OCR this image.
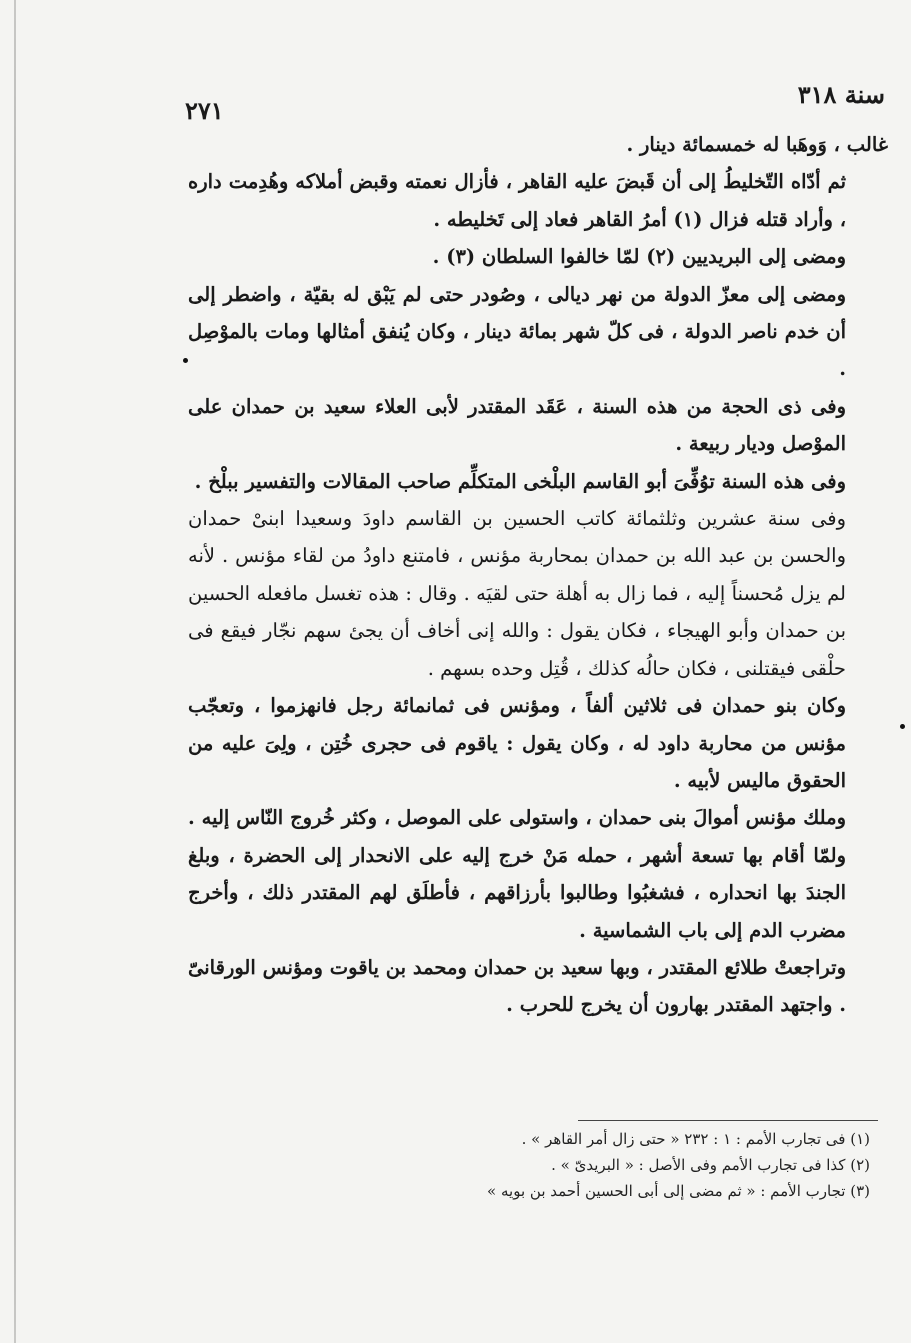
٢٧١
سنة ٣١٨

غالب ، وَوهَبا له خمسمائة دينار .

ثم أدّاه التّخليطُ إلى أن قَبضَ عليه القاهر ، فأزال نعمته وقبض أملاكه وهُدِمت داره ، وأراد قتله فزال (١) أمرُ القاهر فعاد إلى تَخليطه .

ومضى إلى البريديين (٢) لمّا خالفوا السلطان (٣) .

ومضى إلى معزّ الدولة من نهر ديالى ، وصُودر حتى لم يَبْق له بقيّة ، واضطر إلى أن خدم ناصر الدولة ، فى كلّ شهر بمائة دينار ، وكان يُنفق أمثالها ومات بالموْصِل .

وفى ذى الحجة من هذه السنة ، عَقَد المقتدر لأبى العلاء سعيد بن حمدان على الموْصل وديار ربيعة .

وفى هذه السنة توُفِّىَ أبو القاسم البلْخى المتكلِّم صاحب المقالات والتفسير ببلْخ .

وفى سنة عشرين وثلثمائة كاتب الحسين بن القاسم داودَ وسعيدا ابنىْ حمدان والحسن بن عبد الله بن حمدان بمحاربة مؤنس ، فامتنع داودُ من لقاء مؤنس . لأنه لم يزل مُحسناً إليه ، فما زال به أهلة حتى لقيَه . وقال : هذه تغسل مافعله الحسين بن حمدان وأبو الهيجاء ، فكان يقول : والله إنى أخاف أن يجئ سهم نجّار فيقع فى حلْقى فيقتلنى ، فكان حالُه كذلك ، قُتِل وحده بسهم .

وكان بنو حمدان فى ثلاثين ألفاً ، ومؤنس فى ثمانمائة رجل فانهزموا ، وتعجّب مؤنس من محاربة داود له ، وكان يقول : ياقوم فى حجرى خُتِن ، ولِىَ عليه من الحقوق ماليس لأبيه .

وملك مؤنس أموالَ بنى حمدان ، واستولى على الموصل ، وكثر خُروج النّاس إليه . ولمّا أقام بها تسعة أشهر ، حمله مَنْ خرج إليه على الانحدار إلى الحضرة ، وبلغ الجندَ بها انحداره ، فشغبُوا وطالبوا بأرزاقهم ، فأطلَق لهم المقتدر ذلك ، وأخرج مضرب الدم إلى باب الشماسية .

وتراجعتْ طلائع المقتدر ، وبها سعيد بن حمدان ومحمد بن ياقوت ومؤنس الورقانىّ . واجتهد المقتدر بهارون أن يخرج للحرب .

(١) فى تجارب الأمم : ١ : ٢٣٢ « حتى زال أمر القاهر » .
(٢) كذا فى تجارب الأمم وفى الأصل : « البريدىّ » .
(٣) تجارب الأمم : « ثم مضى إلى أبى الحسين أحمد بن بويه »
